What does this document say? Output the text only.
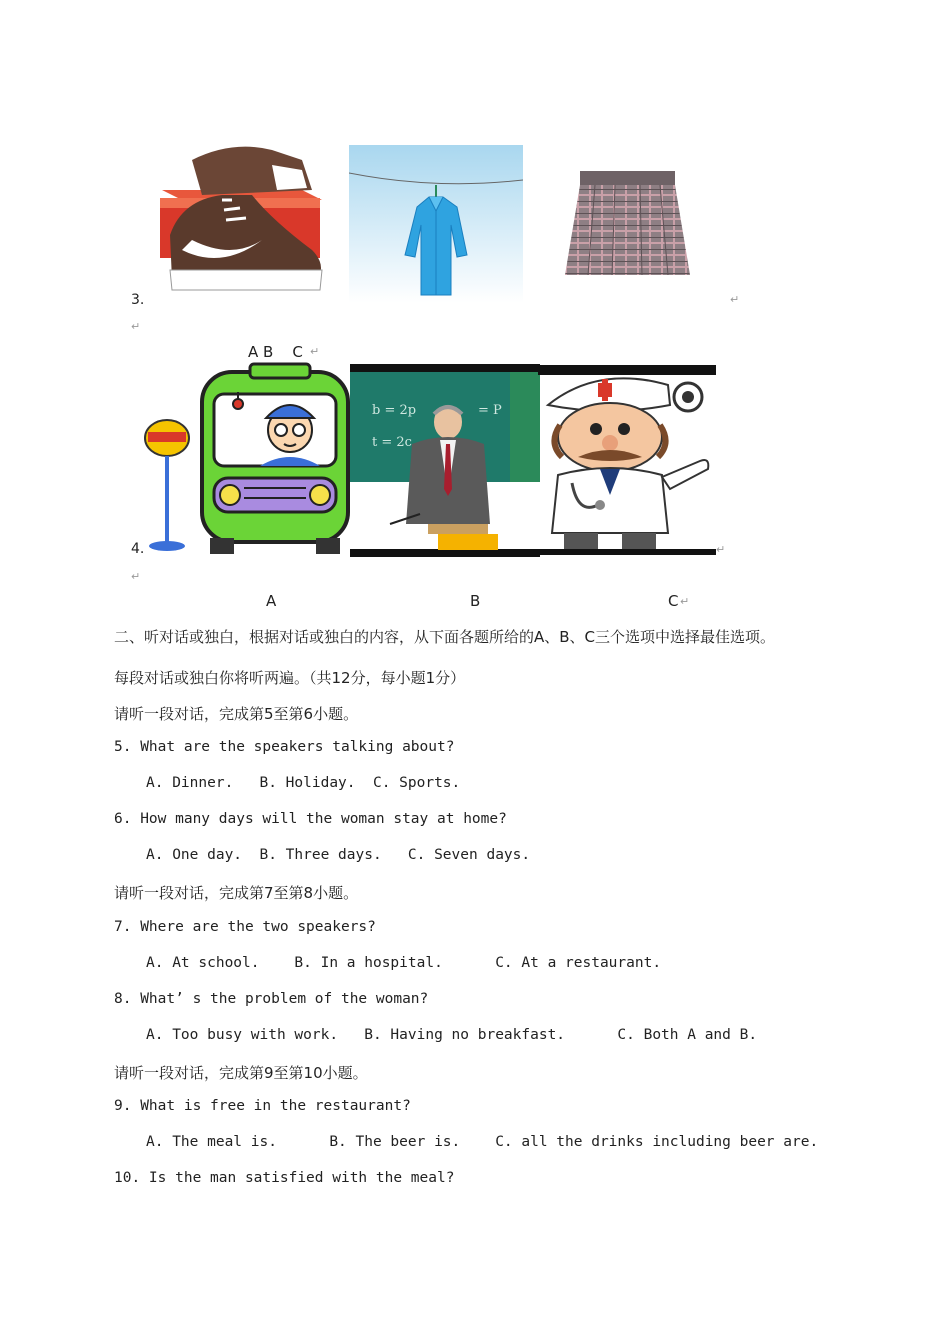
3.	↵
↵
A B    C ↵
4.
b = 2p
t = 2c
= P
↵
↵
A	B	C ↵
二、听对话或独白，根据对话或独白的内容，从下面各题所给的A、B、C三个选项中选择最佳选项。
每段对话或独白你将听两遍。（共12分，每小题1分）
请听一段对话，完成第5至第6小题。
5. What are the speakers talking about?
A. Dinner.   B. Holiday.  C. Sports.
6. How many days will the woman stay at home?
A. One day.  B. Three days.   C. Seven days.
请听一段对话，完成第7至第8小题。
7. Where are the two speakers?
A. At school.    B. In a hospital.      C. At a restaurant.
8. What’ s the problem of the woman?
A. Too busy with work.   B. Having no breakfast.      C. Both A and B.
请听一段对话，完成第9至第10小题。
9. What is free in the restaurant?
A. The meal is.      B. The beer is.    C. all the drinks including beer are.
10. Is the man satisfied with the meal?
